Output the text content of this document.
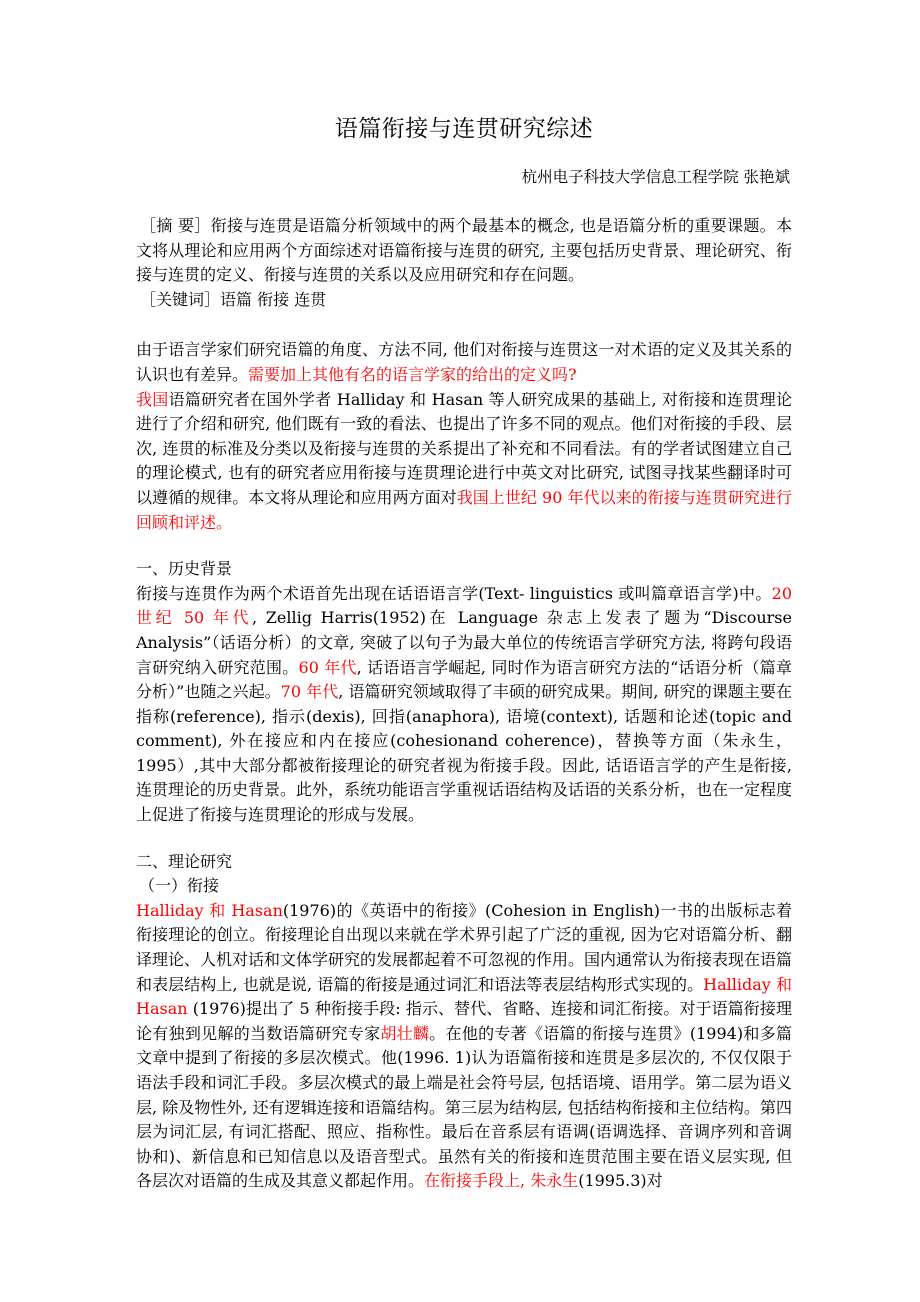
语篇衔接与连贯研究综述

杭州电子科技大学信息工程学院 张艳斌

［摘 要］衔接与连贯是语篇分析领域中的两个最基本的概念, 也是语篇分析的重要课题。本文将从理论和应用两个方面综述对语篇衔接与连贯的研究, 主要包括历史背景、理论研究、衔接与连贯的定义、衔接与连贯的关系以及应用研究和存在问题。

［关键词］语篇 衔接 连贯

由于语言学家们研究语篇的角度、方法不同, 他们对衔接与连贯这一对术语的定义及其关系的认识也有差异。需要加上其他有名的语言学家的给出的定义吗?

我国语篇研究者在国外学者 Halliday 和 Hasan 等人研究成果的基础上, 对衔接和连贯理论进行了介绍和研究, 他们既有一致的看法、也提出了许多不同的观点。他们对衔接的手段、层次, 连贯的标准及分类以及衔接与连贯的关系提出了补充和不同看法。有的学者试图建立自己的理论模式, 也有的研究者应用衔接与连贯理论进行中英文对比研究, 试图寻找某些翻译时可以遵循的规律。本文将从理论和应用两方面对我国上世纪 90 年代以来的衔接与连贯研究进行回顾和评述。

一、历史背景

衔接与连贯作为两个术语首先出现在话语语言学(Text- linguistics 或叫篇章语言学)中。20 世纪 50 年代, Zellig Harris(1952)在 Language 杂志上发表了题为“Discourse Analysis”（话语分析）的文章, 突破了以句子为最大单位的传统语言学研究方法, 将跨句段语言研究纳入研究范围。60 年代, 话语语言学崛起, 同时作为语言研究方法的“话语分析（篇章分析）”也随之兴起。70 年代, 语篇研究领域取得了丰硕的研究成果。期间, 研究的课题主要在指称(reference), 指示(dexis), 回指(anaphora), 语境(context), 话题和论述(topic and comment), 外在接应和内在接应(cohesionand coherence)，替换等方面（朱永生，1995）,其中大部分都被衔接理论的研究者视为衔接手段。因此, 话语语言学的产生是衔接, 连贯理论的历史背景。此外，系统功能语言学重视话语结构及话语的关系分析，也在一定程度上促进了衔接与连贯理论的形成与发展。

二、理论研究
（一）衔接

Halliday 和 Hasan(1976)的《英语中的衔接》(Cohesion in English)一书的出版标志着衔接理论的创立。衔接理论自出现以来就在学术界引起了广泛的重视, 因为它对语篇分析、翻译理论、人机对话和文体学研究的发展都起着不可忽视的作用。国内通常认为衔接表现在语篇和表层结构上, 也就是说, 语篇的衔接是通过词汇和语法等表层结构形式实现的。Halliday 和 Hasan (1976)提出了 5 种衔接手段: 指示、替代、省略、连接和词汇衔接。对于语篇衔接理论有独到见解的当数语篇研究专家胡壮麟。在他的专著《语篇的衔接与连贯》(1994)和多篇文章中提到了衔接的多层次模式。他(1996. 1)认为语篇衔接和连贯是多层次的, 不仅仅限于语法手段和词汇手段。多层次模式的最上端是社会符号层, 包括语境、语用学。第二层为语义层, 除及物性外, 还有逻辑连接和语篇结构。第三层为结构层, 包括结构衔接和主位结构。第四层为词汇层, 有词汇搭配、照应、指称性。最后在音系层有语调(语调选择、音调序列和音调协和)、新信息和已知信息以及语音型式。虽然有关的衔接和连贯范围主要在语义层实现, 但各层次对语篇的生成及其意义都起作用。在衔接手段上, 朱永生(1995.3)对
